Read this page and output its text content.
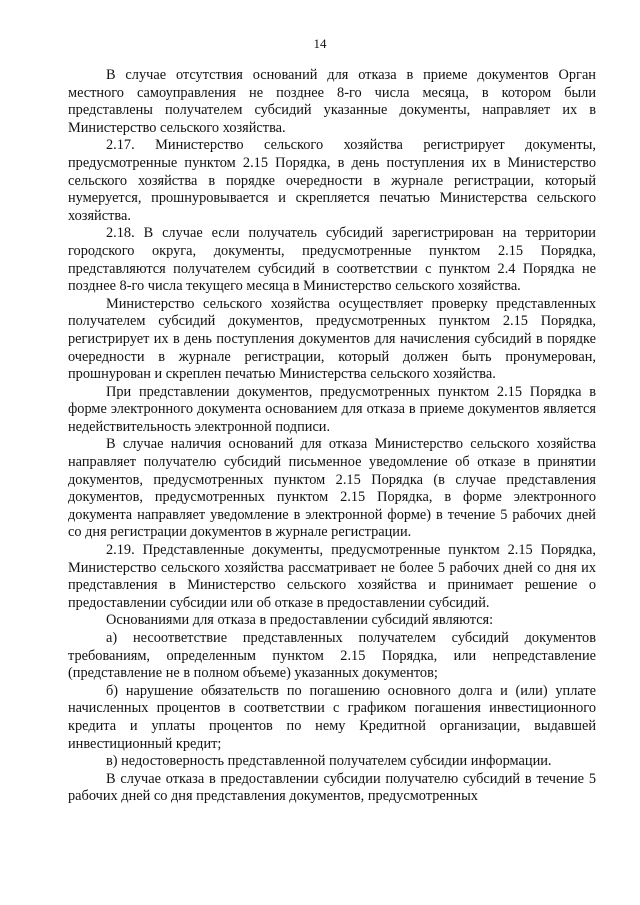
14

В случае отсутствия оснований для отказа в приеме документов Орган местного самоуправления не позднее 8-го числа месяца, в котором были представлены получателем субсидий указанные документы, направляет их в Министерство сельского хозяйства.

2.17. Министерство сельского хозяйства регистрирует документы, предусмотренные пунктом 2.15 Порядка, в день поступления их в Министерство сельского хозяйства в порядке очередности в журнале регистрации, который нумеруется, прошнуровывается и скрепляется печатью Министерства сельского хозяйства.

2.18. В случае если получатель субсидий зарегистрирован на территории городского округа, документы, предусмотренные пунктом 2.15 Порядка, представляются получателем субсидий в соответствии с пунктом 2.4 Порядка не позднее 8-го числа текущего месяца в Министерство сельского хозяйства.

Министерство сельского хозяйства осуществляет проверку представленных получателем субсидий документов, предусмотренных пунктом 2.15 Порядка, регистрирует их в день поступления документов для начисления субсидий в порядке очередности в журнале регистрации, который должен быть пронумерован, прошнурован и скреплен печатью Министерства сельского хозяйства.

При представлении документов, предусмотренных пунктом 2.15 Порядка в форме электронного документа основанием для отказа в приеме документов является недействительность электронной подписи.

В случае наличия оснований для отказа Министерство сельского хозяйства направляет получателю субсидий письменное уведомление об отказе в принятии документов, предусмотренных пунктом 2.15 Порядка (в случае представления документов, предусмотренных пунктом 2.15 Порядка, в форме электронного документа направляет уведомление в электронной форме) в течение 5 рабочих дней со дня регистрации документов в журнале регистрации.

2.19. Представленные документы, предусмотренные пунктом 2.15 Порядка, Министерство сельского хозяйства рассматривает не более 5 рабочих дней со дня их представления в Министерство сельского хозяйства и принимает решение о предоставлении субсидии или об отказе в предоставлении субсидий.

Основаниями для отказа в предоставлении субсидий являются:

а) несоответствие представленных получателем субсидий документов требованиям, определенным пунктом 2.15 Порядка, или непредставление (представление не в полном объеме) указанных документов;

б) нарушение обязательств по погашению основного долга и (или) уплате начисленных процентов в соответствии с графиком погашения инвестиционного кредита и уплаты процентов по нему Кредитной организации, выдавшей инвестиционный кредит;

в) недостоверность представленной получателем субсидии информации.

В случае отказа в предоставлении субсидии получателю субсидий в течение 5 рабочих дней со дня представления документов, предусмотренных
